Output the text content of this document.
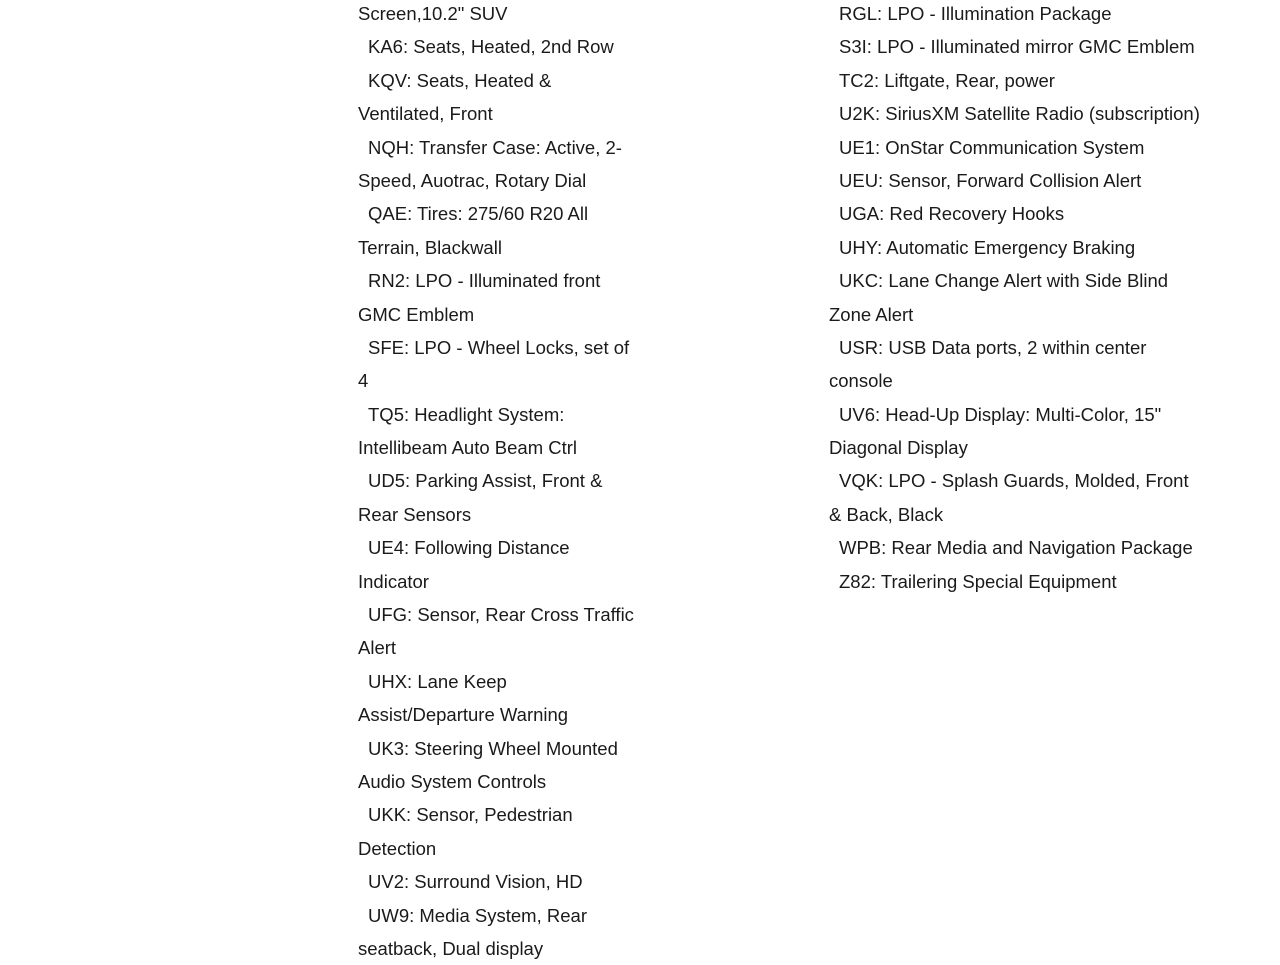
Screen,10.2" SUV
KA6: Seats, Heated, 2nd Row
KQV: Seats, Heated &
Ventilated, Front
NQH: Transfer Case: Active, 2-
Speed, Auotrac, Rotary Dial
QAE: Tires: 275/60 R20 All
Terrain, Blackwall
RN2: LPO - Illuminated front
GMC Emblem
SFE: LPO - Wheel Locks, set of
4
TQ5: Headlight System:
Intellibeam Auto Beam Ctrl
UD5: Parking Assist, Front &
Rear Sensors
UE4: Following Distance
Indicator
UFG: Sensor, Rear Cross Traffic
Alert
UHX: Lane Keep
Assist/Departure Warning
UK3: Steering Wheel Mounted
Audio System Controls
UKK: Sensor, Pedestrian
Detection
UV2: Surround Vision, HD
UW9: Media System, Rear
seatback, Dual display
RGL: LPO - Illumination Package
S3I: LPO - Illuminated mirror GMC Emblem
TC2: Liftgate, Rear, power
U2K: SiriusXM Satellite Radio (subscription)
UE1: OnStar Communication System
UEU: Sensor, Forward Collision Alert
UGA: Red Recovery Hooks
UHY: Automatic Emergency Braking
UKC: Lane Change Alert with Side Blind
Zone Alert
USR: USB Data ports, 2 within center
console
UV6: Head-Up Display: Multi-Color, 15"
Diagonal Display
VQK: LPO - Splash Guards, Molded, Front
& Back, Black
WPB: Rear Media and Navigation Package
Z82: Trailering Special Equipment
